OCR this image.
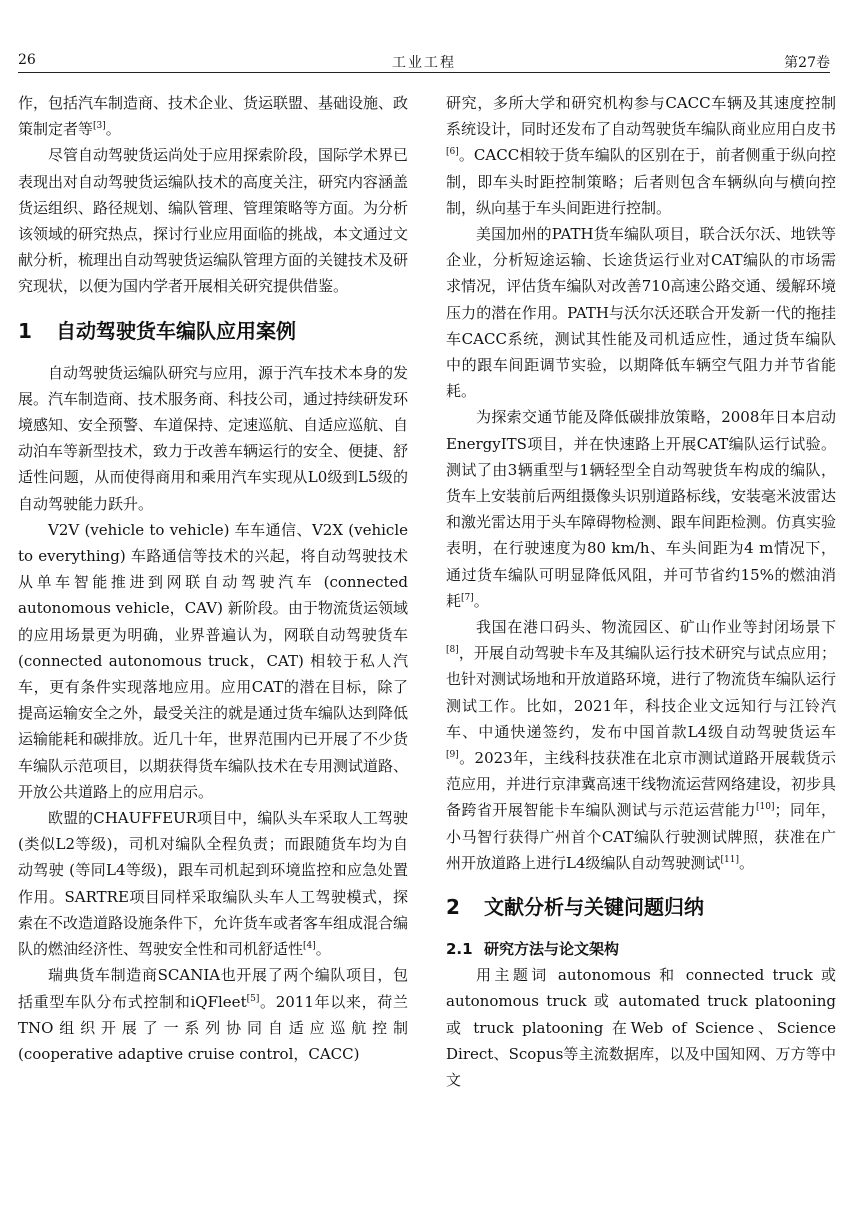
26	工业工程	第27卷

作，包括汽车制造商、技术企业、货运联盟、基础设施、政策制定者等[3]。

尽管自动驾驶货运尚处于应用探索阶段，国际学术界已表现出对自动驾驶货运编队技术的高度关注，研究内容涵盖货运组织、路径规划、编队管理、管理策略等方面。为分析该领域的研究热点，探讨行业应用面临的挑战，本文通过文献分析，梳理出自动驾驶货运编队管理方面的关键技术及研究现状，以便为国内学者开展相关研究提供借鉴。

1 自动驾驶货车编队应用案例

自动驾驶货运编队研究与应用，源于汽车技术本身的发展。汽车制造商、技术服务商、科技公司，通过持续研发环境感知、安全预警、车道保持、定速巡航、自适应巡航、自动泊车等新型技术，致力于改善车辆运行的安全、便捷、舒适性问题，从而使得商用和乘用汽车实现从L0级到L5级的自动驾驶能力跃升。

V2V (vehicle to vehicle) 车车通信、V2X (vehicle to everything) 车路通信等技术的兴起，将自动驾驶技术从单车智能推进到网联自动驾驶汽车 (connected autonomous vehicle，CAV) 新阶段。由于物流货运领域的应用场景更为明确，业界普遍认为，网联自动驾驶货车 (connected autonomous truck，CAT) 相较于私人汽车，更有条件实现落地应用。应用CAT的潜在目标，除了提高运输安全之外，最受关注的就是通过货车编队达到降低运输能耗和碳排放。近几十年，世界范围内已开展了不少货车编队示范项目，以期获得货车编队技术在专用测试道路、开放公共道路上的应用启示。

欧盟的CHAUFFEUR项目中，编队头车采取人工驾驶 (类似L2等级)，司机对编队全程负责；而跟随货车均为自动驾驶 (等同L4等级)，跟车司机起到环境监控和应急处置作用。SARTRE项目同样采取编队头车人工驾驶模式，探索在不改造道路设施条件下，允许货车或者客车组成混合编队的燃油经济性、驾驶安全性和司机舒适性[4]。

瑞典货车制造商SCANIA也开展了两个编队项目，包括重型车队分布式控制和iQFleet[5]。2011年以来，荷兰TNO组织开展了一系列协同自适应巡航控制 (cooperative adaptive cruise control，CACC)

研究，多所大学和研究机构参与CACC车辆及其速度控制系统设计，同时还发布了自动驾驶货车编队商业应用白皮书[6]。CACC相较于货车编队的区别在于，前者侧重于纵向控制，即车头时距控制策略；后者则包含车辆纵向与横向控制，纵向基于车头间距进行控制。

美国加州的PATH货车编队项目，联合沃尔沃、地铁等企业，分析短途运输、长途货运行业对CAT编队的市场需求情况，评估货车编队对改善710高速公路交通、缓解环境压力的潜在作用。PATH与沃尔沃还联合开发新一代的拖挂车CACC系统，测试其性能及司机适应性，通过货车编队中的跟车间距调节实验，以期降低车辆空气阻力并节省能耗。

为探索交通节能及降低碳排放策略，2008年日本启动EnergyITS项目，并在快速路上开展CAT编队运行试验。测试了由3辆重型与1辆轻型全自动驾驶货车构成的编队，货车上安装前后两组摄像头识别道路标线，安装毫米波雷达和激光雷达用于头车障碍物检测、跟车间距检测。仿真实验表明，在行驶速度为80 km/h、车头间距为4 m情况下，通过货车编队可明显降低风阻，并可节省约15%的燃油消耗[7]。

我国在港口码头、物流园区、矿山作业等封闭场景下[8]，开展自动驾驶卡车及其编队运行技术研究与试点应用；也针对测试场地和开放道路环境，进行了物流货车编队运行测试工作。比如，2021年，科技企业文远知行与江铃汽车、中通快递签约，发布中国首款L4级自动驾驶货运车[9]。2023年，主线科技获准在北京市测试道路开展载货示范应用，并进行京津冀高速干线物流运营网络建设，初步具备跨省开展智能卡车编队测试与示范运营能力[10]；同年，小马智行获得广州首个CAT编队行驶测试牌照，获准在广州开放道路上进行L4级编队自动驾驶测试[11]。

2 文献分析与关键问题归纳
2.1 研究方法与论文架构

用主题词 autonomous 和 connected truck 或 autonomous truck 或 automated truck platooning 或 truck platooning 在Web of Science、Science Direct、Scopus等主流数据库，以及中国知网、万方等中文
